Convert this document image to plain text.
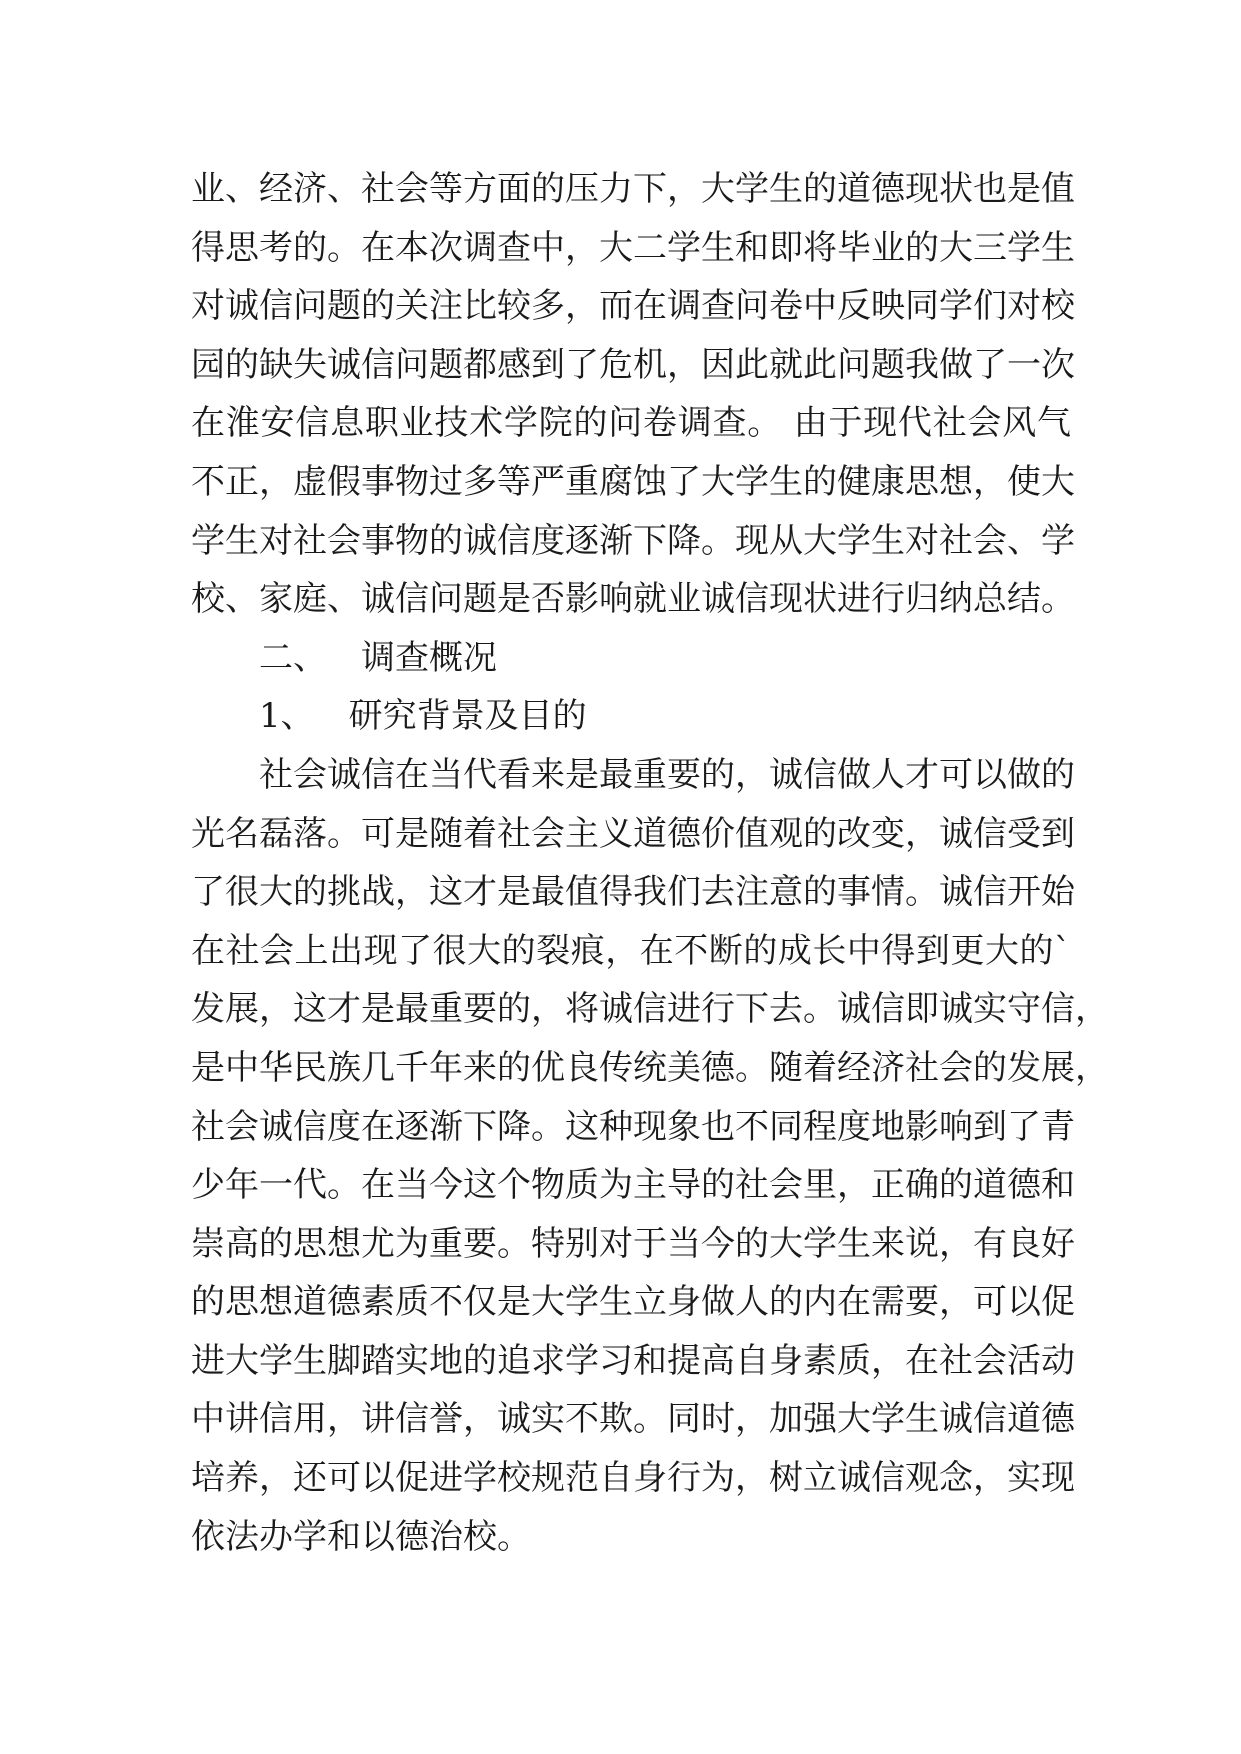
业、经济、社会等方面的压力下，大学生的道德现状也是值
得思考的。在本次调查中，大二学生和即将毕业的大三学生
对诚信问题的关注比较多，而在调查问卷中反映同学们对校
园的缺失诚信问题都感到了危机，因此就此问题我做了一次
在淮安信息职业技术学院的问卷调查。 由于现代社会风气
不正，虚假事物过多等严重腐蚀了大学生的健康思想，使大
学生对社会事物的诚信度逐渐下降。现从大学生对社会、学
校、家庭、诚信问题是否影响就业诚信现状进行归纳总结。
二、 调查概况
1、 研究背景及目的
社会诚信在当代看来是最重要的，诚信做人才可以做的
光名磊落。可是随着社会主义道德价值观的改变，诚信受到
了很大的挑战，这才是最值得我们去注意的事情。诚信开始
在社会上出现了很大的裂痕，在不断的成长中得到更大的`
发展，这才是最重要的，将诚信进行下去。诚信即诚实守信，
是中华民族几千年来的优良传统美德。随着经济社会的发展，
社会诚信度在逐渐下降。这种现象也不同程度地影响到了青
少年一代。在当今这个物质为主导的社会里，正确的道德和
崇高的思想尤为重要。特别对于当今的大学生来说，有良好
的思想道德素质不仅是大学生立身做人的内在需要，可以促
进大学生脚踏实地的追求学习和提高自身素质，在社会活动
中讲信用，讲信誉，诚实不欺。同时，加强大学生诚信道德
培养，还可以促进学校规范自身行为，树立诚信观念，实现
依法办学和以德治校。
